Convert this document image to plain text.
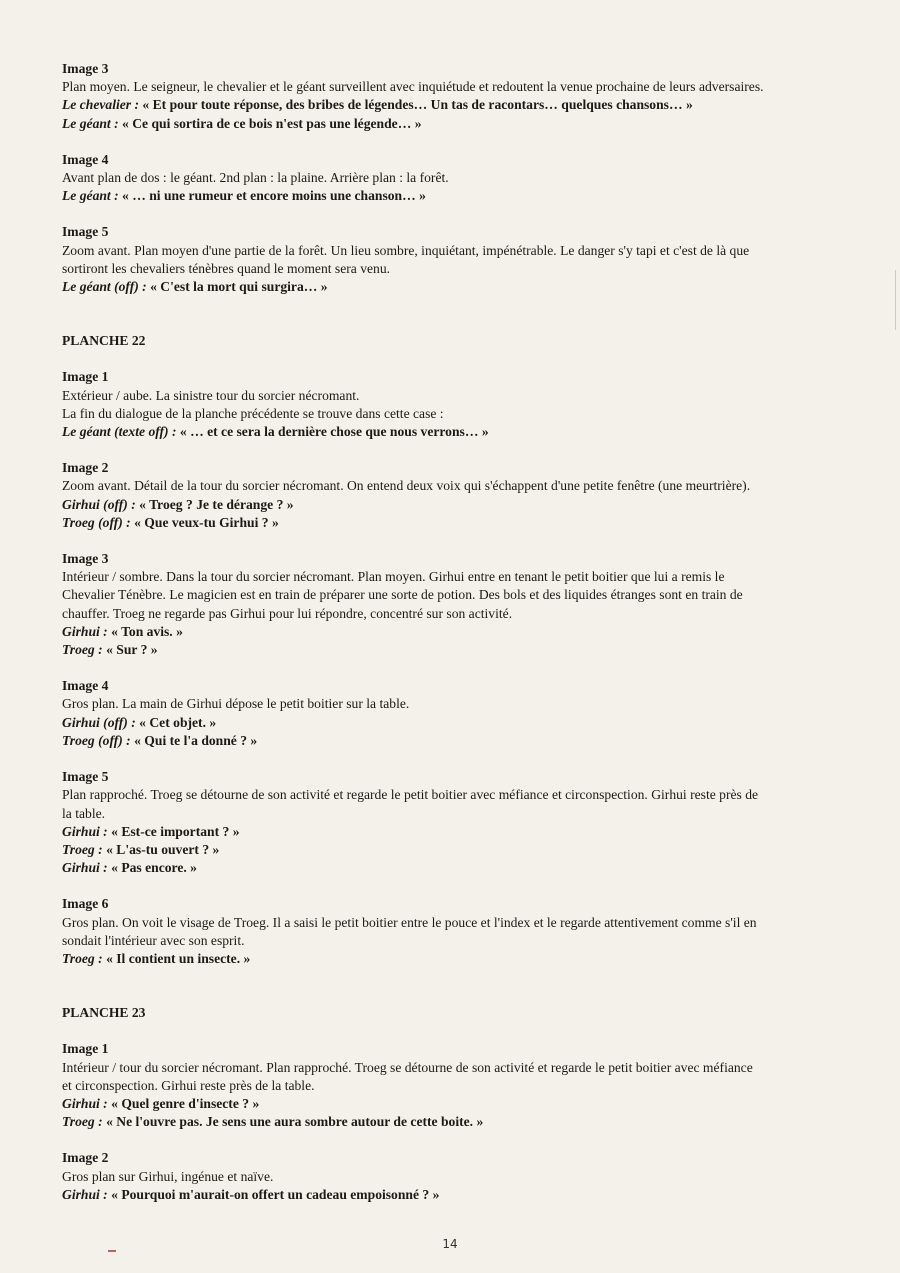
Image 3
Plan moyen. Le seigneur, le chevalier et le géant surveillent avec inquiétude et redoutent la venue prochaine de leurs adversaires.
Le chevalier : « Et pour toute réponse, des bribes de légendes… Un tas de racontars… quelques chansons… »
Le géant : « Ce qui sortira de ce bois n'est pas une légende… »
Image 4
Avant plan de dos : le géant. 2nd plan : la plaine. Arrière plan : la forêt.
Le géant : « … ni une rumeur et encore moins une chanson… »
Image 5
Zoom avant. Plan moyen d'une partie de la forêt. Un lieu sombre, inquiétant, impénétrable. Le danger s'y tapi et c'est de là que
sortiront les chevaliers ténèbres quand le moment sera venu.
Le géant (off) : « C'est la mort qui surgira… »
PLANCHE 22
Image 1
Extérieur / aube. La sinistre tour du sorcier nécromant.
La fin du dialogue de la planche précédente se trouve dans cette case :
Le géant (texte off) : « … et ce sera la dernière chose que nous verrons… »
Image 2
Zoom avant. Détail de la tour du sorcier nécromant. On entend deux voix qui s'échappent d'une petite fenêtre (une meurtrière).
Girhui (off) : « Troeg ? Je te dérange ? »
Troeg (off) : « Que veux-tu Girhui ? »
Image 3
Intérieur / sombre. Dans la tour du sorcier nécromant. Plan moyen. Girhui entre en tenant le petit boitier que lui a remis le
Chevalier Ténèbre. Le magicien est en train de préparer une sorte de potion. Des bols et des liquides étranges sont en train de
chauffer. Troeg ne regarde pas Girhui pour lui répondre, concentré sur son activité.
Girhui : « Ton avis. »
Troeg : « Sur ? »
Image 4
Gros plan. La main de Girhui dépose le petit boitier sur la table.
Girhui (off) : « Cet objet. »
Troeg (off) : « Qui te l'a donné ? »
Image 5
Plan rapproché. Troeg se détourne de son activité et regarde le petit boitier avec méfiance et circonspection. Girhui reste près de
la table.
Girhui : « Est-ce important ? »
Troeg : « L'as-tu ouvert ? »
Girhui : « Pas encore. »
Image 6
Gros plan. On voit le visage de Troeg. Il a saisi le petit boitier entre le pouce et l'index et le regarde attentivement comme s'il en
sondait l'intérieur avec son esprit.
Troeg : « Il contient un insecte. »
PLANCHE 23
Image 1
Intérieur / tour du sorcier nécromant. Plan rapproché. Troeg se détourne de son activité et regarde le petit boitier avec méfiance
et circonspection. Girhui reste près de la table.
Girhui : « Quel genre d'insecte ? »
Troeg : « Ne l'ouvre pas. Je sens une aura sombre autour de cette boite. »
Image 2
Gros plan sur Girhui, ingénue et naïve.
Girhui : « Pourquoi m'aurait-on offert un cadeau empoisonné ? »
14
